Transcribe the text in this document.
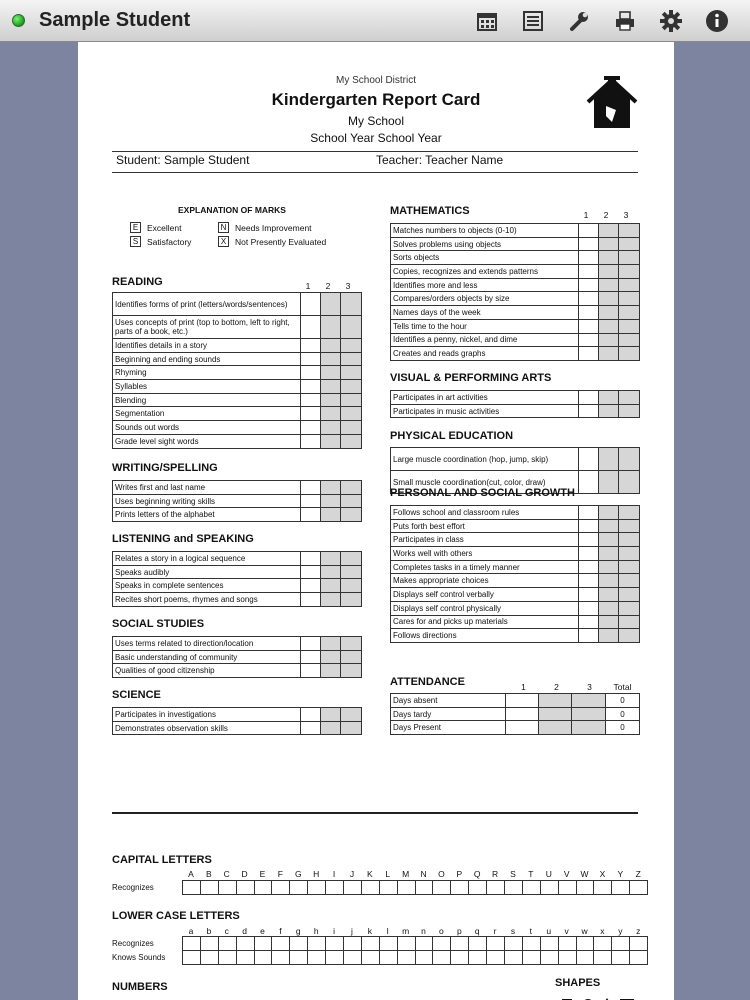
Sample Student
My School District
Kindergarten Report Card
My School
School Year School Year
Student: Sample Student	Teacher: Teacher Name
EXPLANATION OF MARKS
E	Excellent	N	Needs Improvement
S	Satisfactory	X	Not Presently Evaluated
READING	1	2	3
Identifies forms of print (letters/words/sentences)			
Uses concepts of print (top to bottom, left to right, parts of a book, etc.)			
Identifies details in a story			
Beginning and ending sounds			
Rhyming			
Syllables			
Blending			
Segmentation			
Sounds out words			
Grade level sight words			
WRITING/SPELLING
Writes first and last name			
Uses beginning writing skills			
Prints letters of the alphabet			
LISTENING and SPEAKING
Relates a story in a logical sequence			
Speaks audibly			
Speaks in complete sentences			
Recites short poems, rhymes and songs			
SOCIAL STUDIES
Uses terms related to direction/location			
Basic understanding of community			
Qualities of good citizenship			
SCIENCE
Participates in investigations			
Demonstrates observation skills			
MATHEMATICS	1	2	3
Matches numbers to objects (0-10)			
Solves problems using objects			
Sorts objects			
Copies, recognizes and extends patterns			
Identifies more and less			
Compares/orders objects by size			
Names days of the week			
Tells time to the hour			
Identifies a penny, nickel, and dime			
Creates and reads graphs			
VISUAL & PERFORMING ARTS
Participates in art activities			
Participates in music activities			
PHYSICAL EDUCATION
Large muscle coordination (hop, jump, skip)			
Small muscle coordination(cut, color, draw)			
PERSONAL AND SOCIAL GROWTH
Follows school and classroom rules			
Puts forth best effort			
Participates in class			
Works well with others			
Completes tasks in a timely manner			
Makes appropriate choices			
Displays self control verbally			
Displays self control physically			
Cares for and picks up materials			
Follows directions			
ATTENDANCE	1	2	3	Total
Days absent				0
Days tardy				0
Days Present				0
CAPITAL LETTERS
A	B	C	D	E	F	G	H	I	J	K	L	M	N	O	P	Q	R	S	T	U	V	W	X	Y	Z
Recognizes

LOWER CASE LETTERS
a	b	c	d	e	f	g	h	i	j	k	l	m	n	o	p	q	r	s	t	u	v	w	x	y	z
Recognizes
Knows Sounds

NUMBERS	SHAPES
